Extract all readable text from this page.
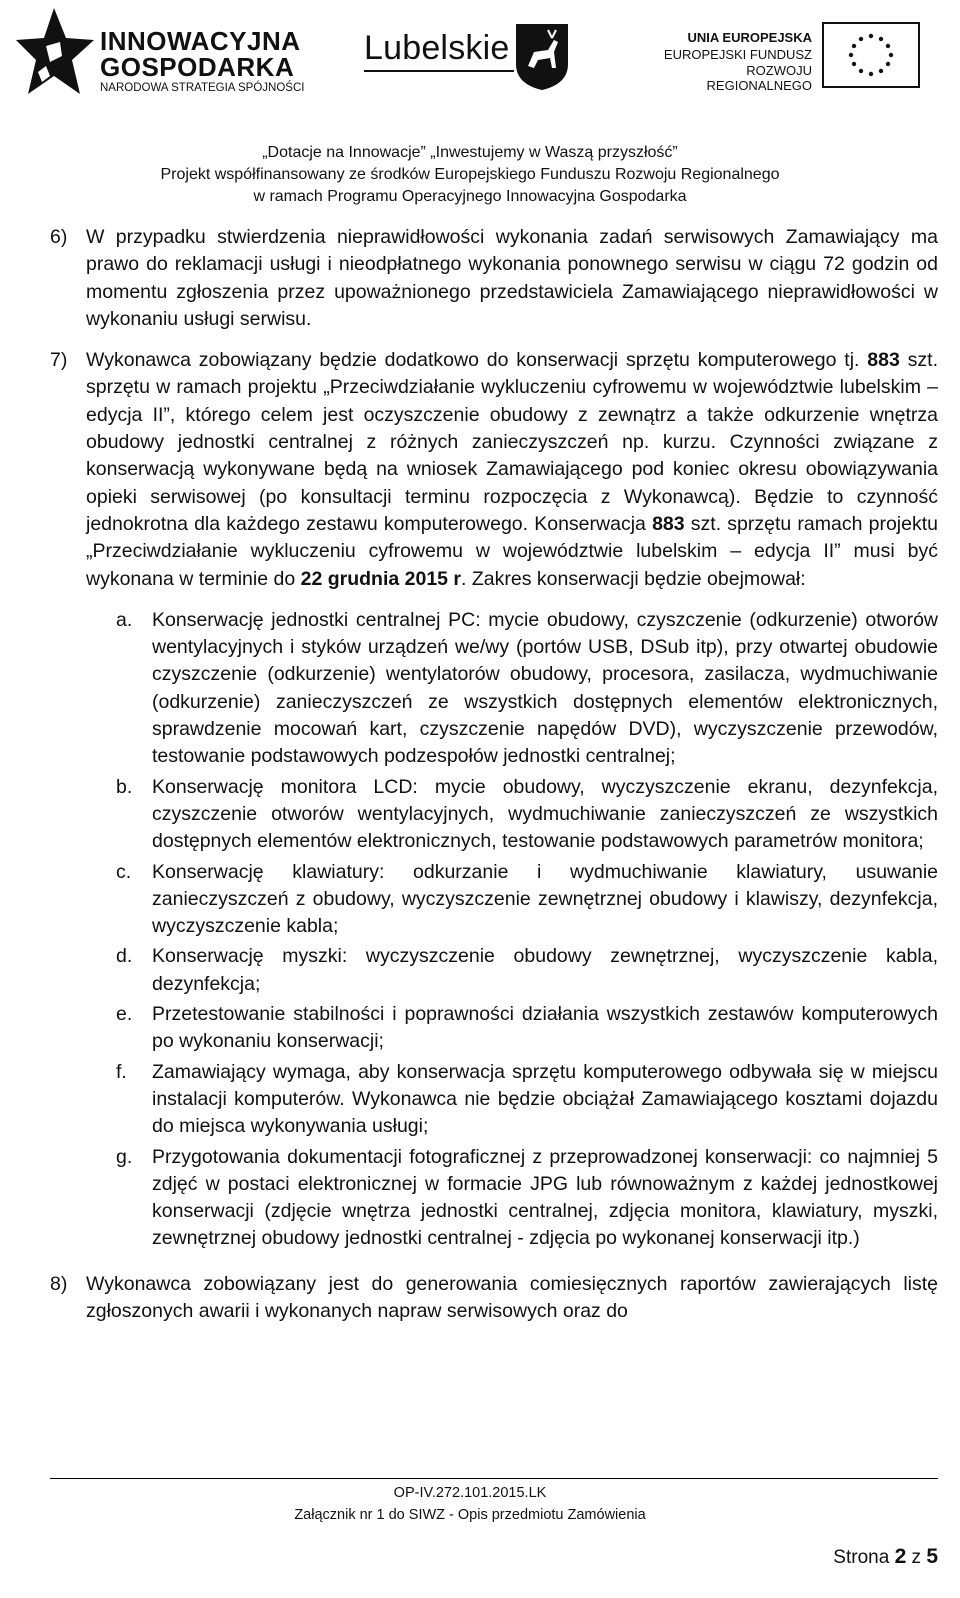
INNOWACYJNA
GOSPODARKA
NARODOWA STRATEGIA SPÓJNOŚCI
Lubelskie	UNIA EUROPEJSKA
EUROPEJSKI FUNDUSZ
ROZWOJU REGIONALNEGO
„Dotacje na Innowacje” „Inwestujemy w Waszą przyszłość”
Projekt współfinansowany ze środków Europejskiego Funduszu Rozwoju Regionalnego
w ramach Programu Operacyjnego Innowacyjna Gospodarka
6) W przypadku stwierdzenia nieprawidłowości wykonania zadań serwisowych Zamawiający ma prawo do reklamacji usługi i nieodpłatnego wykonania ponownego serwisu w ciągu 72 godzin od momentu zgłoszenia przez upoważnionego przedstawiciela Zamawiającego nieprawidłowości w wykonaniu usługi serwisu.
7) Wykonawca zobowiązany będzie dodatkowo do konserwacji sprzętu komputerowego tj. 883 szt. sprzętu w ramach projektu „Przeciwdziałanie wykluczeniu cyfrowemu w województwie lubelskim – edycja II”, którego celem jest oczyszczenie obudowy z zewnątrz a także odkurzenie wnętrza obudowy jednostki centralnej z różnych zanieczyszczeń np. kurzu. Czynności związane z konserwacją wykonywane będą na wniosek Zamawiającego pod koniec okresu obowiązywania opieki serwisowej (po konsultacji terminu rozpoczęcia z Wykonawcą). Będzie to czynność jednokrotna dla każdego zestawu komputerowego. Konserwacja 883 szt. sprzętu ramach projektu „Przeciwdziałanie wykluczeniu cyfrowemu w województwie lubelskim – edycja II” musi być wykonana w terminie do 22 grudnia 2015 r. Zakres konserwacji będzie obejmował:
a. Konserwację jednostki centralnej PC: mycie obudowy, czyszczenie (odkurzenie) otworów wentylacyjnych i styków urządzeń we/wy (portów USB, DSub itp), przy otwartej obudowie czyszczenie (odkurzenie) wentylatorów obudowy, procesora, zasilacza, wydmuchiwanie (odkurzenie) zanieczyszczeń ze wszystkich dostępnych elementów elektronicznych, sprawdzenie mocowań kart, czyszczenie napędów DVD), wyczyszczenie przewodów, testowanie podstawowych podzespołów jednostki centralnej;
b. Konserwację monitora LCD: mycie obudowy, wyczyszczenie ekranu, dezynfekcja, czyszczenie otworów wentylacyjnych, wydmuchiwanie zanieczyszczeń ze wszystkich dostępnych elementów elektronicznych, testowanie podstawowych parametrów monitora;
c. Konserwację klawiatury: odkurzanie i wydmuchiwanie klawiatury, usuwanie zanieczyszczeń z obudowy, wyczyszczenie zewnętrznej obudowy i klawiszy, dezynfekcja, wyczyszczenie kabla;
d. Konserwację myszki: wyczyszczenie obudowy zewnętrznej, wyczyszczenie kabla, dezynfekcja;
e. Przetestowanie stabilności i poprawności działania wszystkich zestawów komputerowych po wykonaniu konserwacji;
f. Zamawiający wymaga, aby konserwacja sprzętu komputerowego odbywała się w miejscu instalacji komputerów. Wykonawca nie będzie obciążał Zamawiającego kosztami dojazdu do miejsca wykonywania usługi;
g. Przygotowania dokumentacji fotograficznej z przeprowadzonej konserwacji: co najmniej 5 zdjęć w postaci elektronicznej w formacie JPG lub równoważnym z każdej jednostkowej konserwacji (zdjęcie wnętrza jednostki centralnej, zdjęcia monitora, klawiatury, myszki, zewnętrznej obudowy jednostki centralnej - zdjęcia po wykonanej konserwacji itp.)
8) Wykonawca zobowiązany jest do generowania comiesięcznych raportów zawierających listę zgłoszonych awarii i wykonanych napraw serwisowych oraz do
OP-IV.272.101.2015.LK
Załącznik nr 1 do SIWZ - Opis przedmiotu Zamówienia
Strona 2 z 5
